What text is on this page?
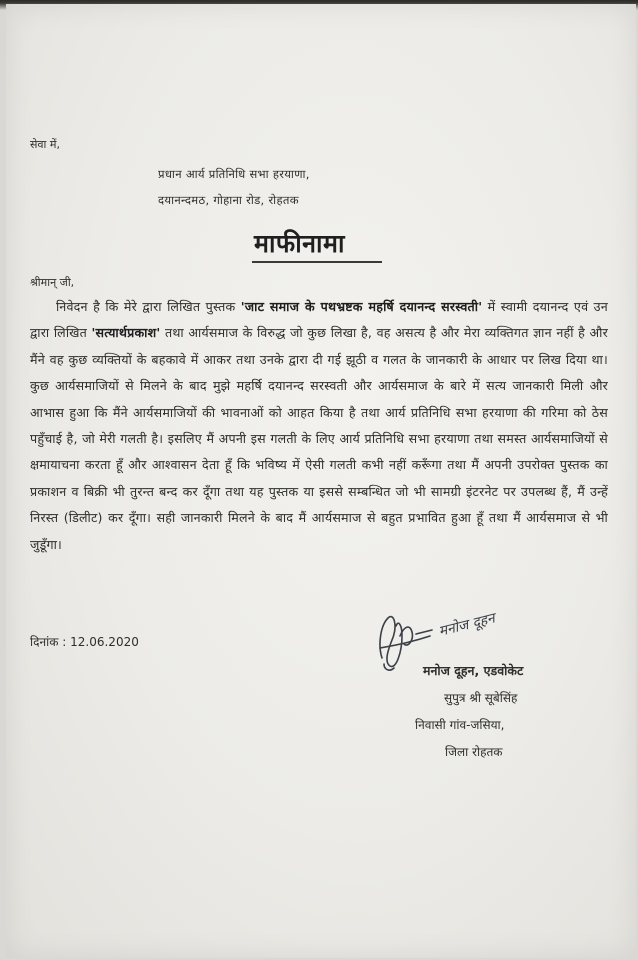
सेवा में,
प्रधान आर्य प्रतिनिधि सभा हरयाणा,
दयानन्दमठ, गोहाना रोड, रोहतक
माफीनामा
श्रीमान् जी,
निवेदन है कि मेरे द्वारा लिखित पुस्तक 'जाट समाज के पथभ्रष्टक महर्षि दयानन्द सरस्वती' में स्वामी दयानन्द एवं उन द्वारा लिखित 'सत्यार्थप्रकाश' तथा आर्यसमाज के विरुद्ध जो कुछ लिखा है, वह असत्य है और मेरा व्यक्तिगत ज्ञान नहीं है और मैंने वह कुछ व्यक्तियों के बहकावे में आकर तथा उनके द्वारा दी गई झूठी व गलत के जानकारी के आधार पर लिख दिया था। कुछ आर्यसमाजियों से मिलने के बाद मुझे महर्षि दयानन्द सरस्वती और आर्यसमाज के बारे में सत्य जानकारी मिली और आभास हुआ कि मैंने आर्यसमाजियों की भावनाओं को आहत किया है तथा आर्य प्रतिनिधि सभा हरयाणा की गरिमा को ठेस पहुँचाई है, जो मेरी गलती है। इसलिए मैं अपनी इस गलती के लिए आर्य प्रतिनिधि सभा हरयाणा तथा समस्त आर्यसमाजियों से क्षमायाचना करता हूँ और आश्वासन देता हूँ कि भविष्य में ऐसी गलती कभी नहीं करूँगा तथा मैं अपनी उपरोक्त पुस्तक का प्रकाशन व बिक्री भी तुरन्त बन्द कर दूँगा तथा यह पुस्तक या इससे सम्बन्धित जो भी सामग्री इंटरनेट पर उपलब्ध हैं, मैं उन्हें निरस्त (डिलीट) कर दूँगा। सही जानकारी मिलने के बाद मैं आर्यसमाज से बहुत प्रभावित हुआ हूँ तथा मैं आर्यसमाज से भी जुडूँगा।
दिनांक : 12.06.2020
मनोज दूहन
मनोज दूहन, एडवोकेट
सुपुत्र श्री सूबेसिंह
निवासी गांव-जसिया,
जिला रोहतक
